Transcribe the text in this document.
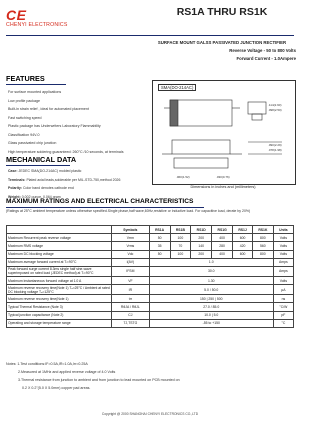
CE
CHENYI ELECTRONICS
RS1A THRU RS1K
SURFACE MOUNT GALSS PASSIVATED JUNCTION RECTIFIER
Reverse Voltage - 50 to 800 Volts
Forward Current - 1.0Ampere
FEATURES
For surface mounted applications
Low profile package
Built-in strain relief , ideal for automated placement
Fast switching speed
Plastic package has Underwriters Laboratory Flammability
Classification 94V-0
Glass passivated chip junction
High temperature soldering guaranteed: 260°C /10 seconds, at terminals
MECHANICAL DATA
Case: JEDEC SMA(DO-214AC) molded plastic
Terminals: Plated axial leads,solderable per MIL-STD-750,method 2026
Polarity: Color band denotes cathode end
Weight: 0.002 ounce, 0.064 gram
SMA(DO-214AC)
.114(2.90)
.098(2.50)
.090(2.29)
.078(1.98)
.060(1.52)	.030(0.76)
Dimensions in inches and (millimeters)
MAXIMUM RATINGS AND ELECTRICAL CHARACTERISTICS
(Ratings at 25°C ambient temperature unless otherwise specified.Single phase,half wave,60Hz,resistive or inductive load. For capacitive load, derate by 20%)
	Symbols	RS1A	RS1B	RS1D	RS1G	RS1J	RS1K	Units
Maximum Recurrent peak reverse voltage	Vrrm	50	100	200	400	600	800	Volts
Maximum RMS voltage	Vrms	35	70	140	280	420	560	Volts
Maximum DC blocking voltage	Vdc	50	100	200	400	600	800	Volts
Maximum average forward current at Tₗ=90°C	I(AV)	1.0						Amps
Peak forward surge current 8.3ms single half sine-wave superimposed on rated load (JEDEC method) at Tₗ=90°C	IFSM	30.0						Amps
Maximum instantaneous forward voltage at 1.0 A	VF	1.30						Volts
Maximum reverse recovery time(Note 1) Tₐ=25°C / Ambient at rated DC blocking voltage Tₐ=125°C	IR	5.0 / 50.0						µA
Maximum reverse recovery time(Note 1)	trr	150 | 250 | 500						ns
Typical Thermal Resistance (Note 3)	RθJA / RθJL	27.0 / 85.0						°C/W
Typical junction capacitance (Note 2)	CJ	10.0 | 5.0						pF
Operating and storage temperature range	TJ,TSTG	-55 to +150						°C
Notes: 1.Test conditions:IF=0.5A,IR=1.0A,Irr=0.25A
2.Measured at 1MHz and applied reverse voltage of 4.0 Volts
3.Thermal resistance from junction to ambient and from junction to lead mounted on PCB mounted on
0.2 X 0.2"(5.0 X 5.0mm) copper pad areas.
Copyright @ 2000 SHANGHAI CHENYI ELECTRONICS CO.,LTD
